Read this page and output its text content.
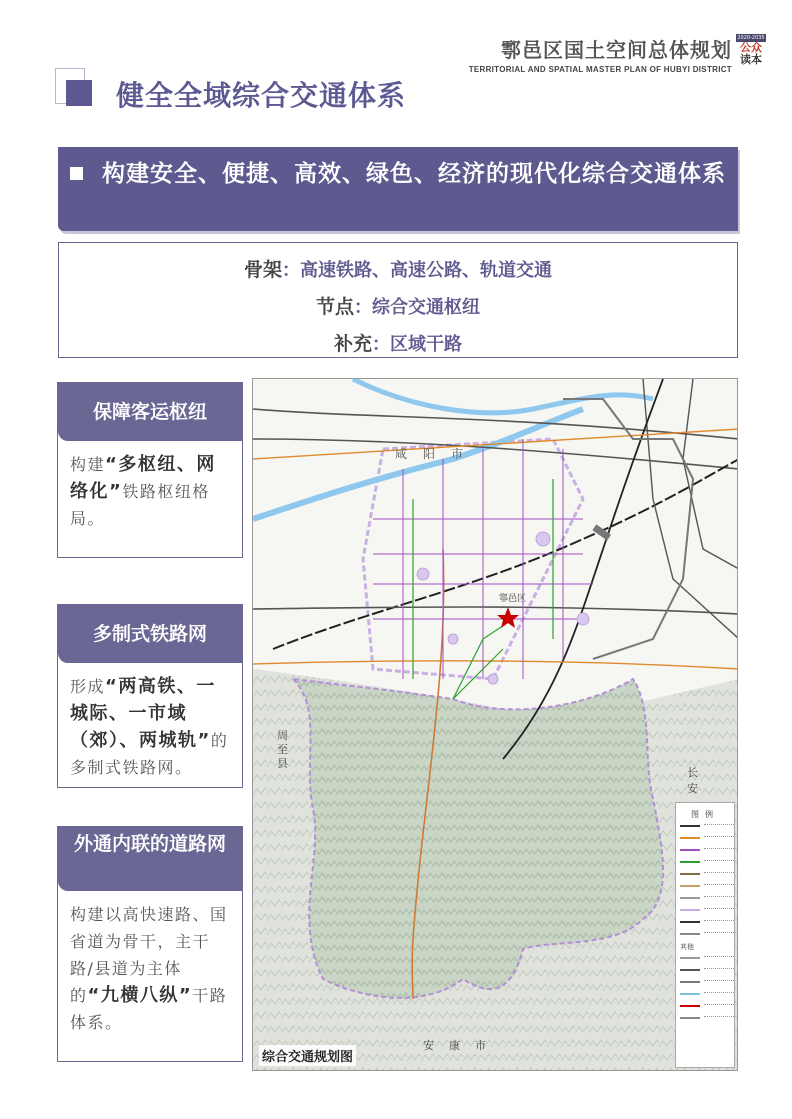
鄠邑区国土空间总体规划
TERRITORIAL AND SPATIAL MASTER PLAN OF HUBYI DISTRICT
2020-2035
公众
读本
健全全域综合交通体系
构建安全、便捷、高效、绿色、经济的现代化综合交通体系
骨架：高速铁路、高速公路、轨道交通
节点：综合交通枢纽
补充：区域干路
保障客运枢纽
构建“多枢纽、网络化”铁路枢纽格局。
多制式铁路网
形成“两高铁、一城际、一市域（郊）、两城轨”的多制式铁路网。
外通内联的道路网
构建以高快速路、国省道为骨干，主干路/县道为主体的“九横八纵”干路体系。
咸　阳　市
鄠邑区
周至县
长安
安　康　市
图例
其他
综合交通规划图
